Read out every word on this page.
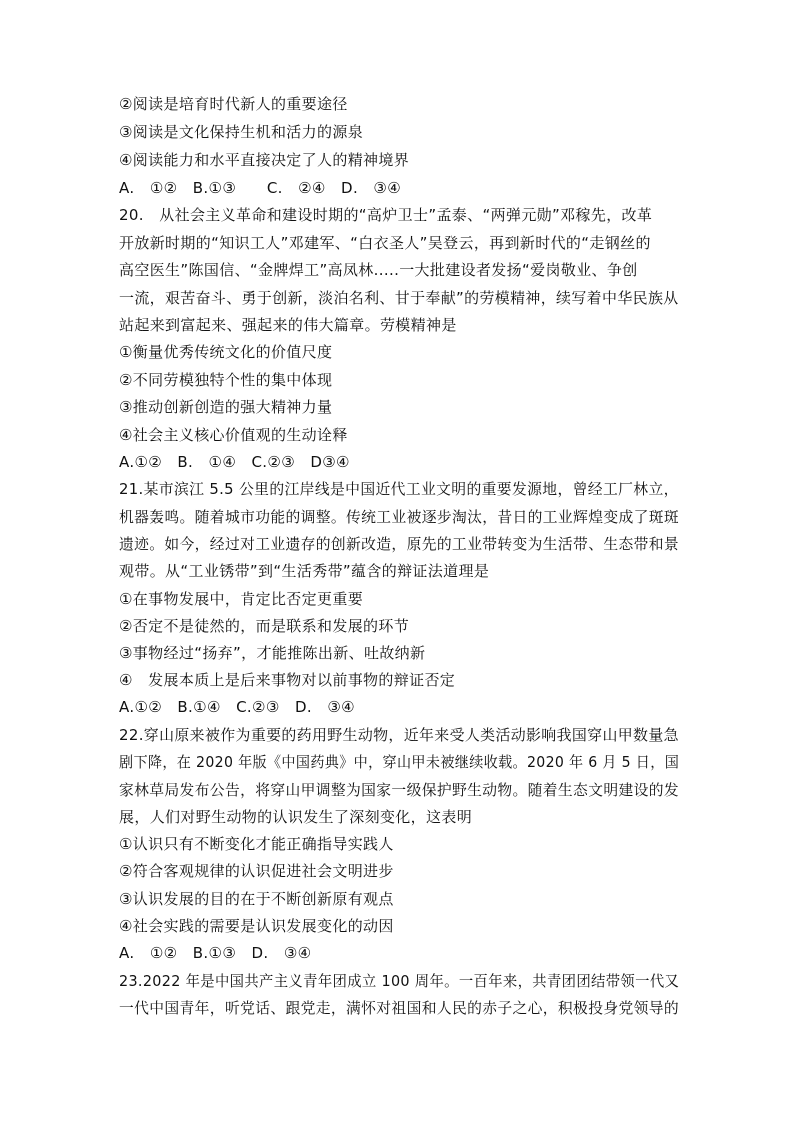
②阅读是培育时代新人的重要途径
③阅读是文化保持生机和活力的源泉
④阅读能力和水平直接决定了人的精神境界
A.　①②　B.①③　　C.　②④　D.　③④
20.　从社会主义革命和建设时期的“高炉卫士”孟泰、“两弹元勋”邓稼先，改革
开放新时期的“知识工人”邓建军、“白衣圣人”吴登云，再到新时代的“走钢丝的
高空医生”陈国信、“金牌焊工”高凤林.....一大批建设者发扬“爱岗敬业、争创
一流，艰苦奋斗、勇于创新，淡泊名利、甘于奉献”的劳模精神，续写着中华民族从
站起来到富起来、强起来的伟大篇章。劳模精神是
①衡量优秀传统文化的价值尺度
②不同劳模独特个性的集中体现
③推动创新创造的强大精神力量
④社会主义核心价值观的生动诠释
A.①②　B.　①④　C.②③　D③④
21.某市滨江 5.5 公里的江岸线是中国近代工业文明的重要发源地，曾经工厂林立，
机器轰鸣。随着城市功能的调整。传统工业被逐步淘汰，昔日的工业辉煌变成了斑斑
遗迹。如今，经过对工业遗存的创新改造，原先的工业带转变为生活带、生态带和景
观带。从“工业锈带”到“生活秀带”蕴含的辩证法道理是
①在事物发展中，肯定比否定更重要
②否定不是徒然的，而是联系和发展的环节
③事物经过“扬弃”，才能推陈出新、吐故纳新
④　发展本质上是后来事物对以前事物的辩证否定
A.①②　B.①④　C.②③　D.　③④
22.穿山原来被作为重要的药用野生动物，近年来受人类活动影响我国穿山甲数量急
剧下降，在 2020 年版《中国药典》中，穿山甲未被继续收载。2020 年 6 月 5 日，国
家林草局发布公告，将穿山甲调整为国家一级保护野生动物。随着生态文明建设的发
展，人们对野生动物的认识发生了深刻变化，这表明
①认识只有不断变化才能正确指导实践人
②符合客观规律的认识促进社会文明进步
③认识发展的目的在于不断创新原有观点
④社会实践的需要是认识发展变化的动因
A.　①②　B.①③　D.　③④
23.2022 年是中国共产主义青年团成立 100 周年。一百年来，共青团团结带领一代又
一代中国青年，听党话、跟党走，满怀对祖国和人民的赤子之心，积极投身党领导的
